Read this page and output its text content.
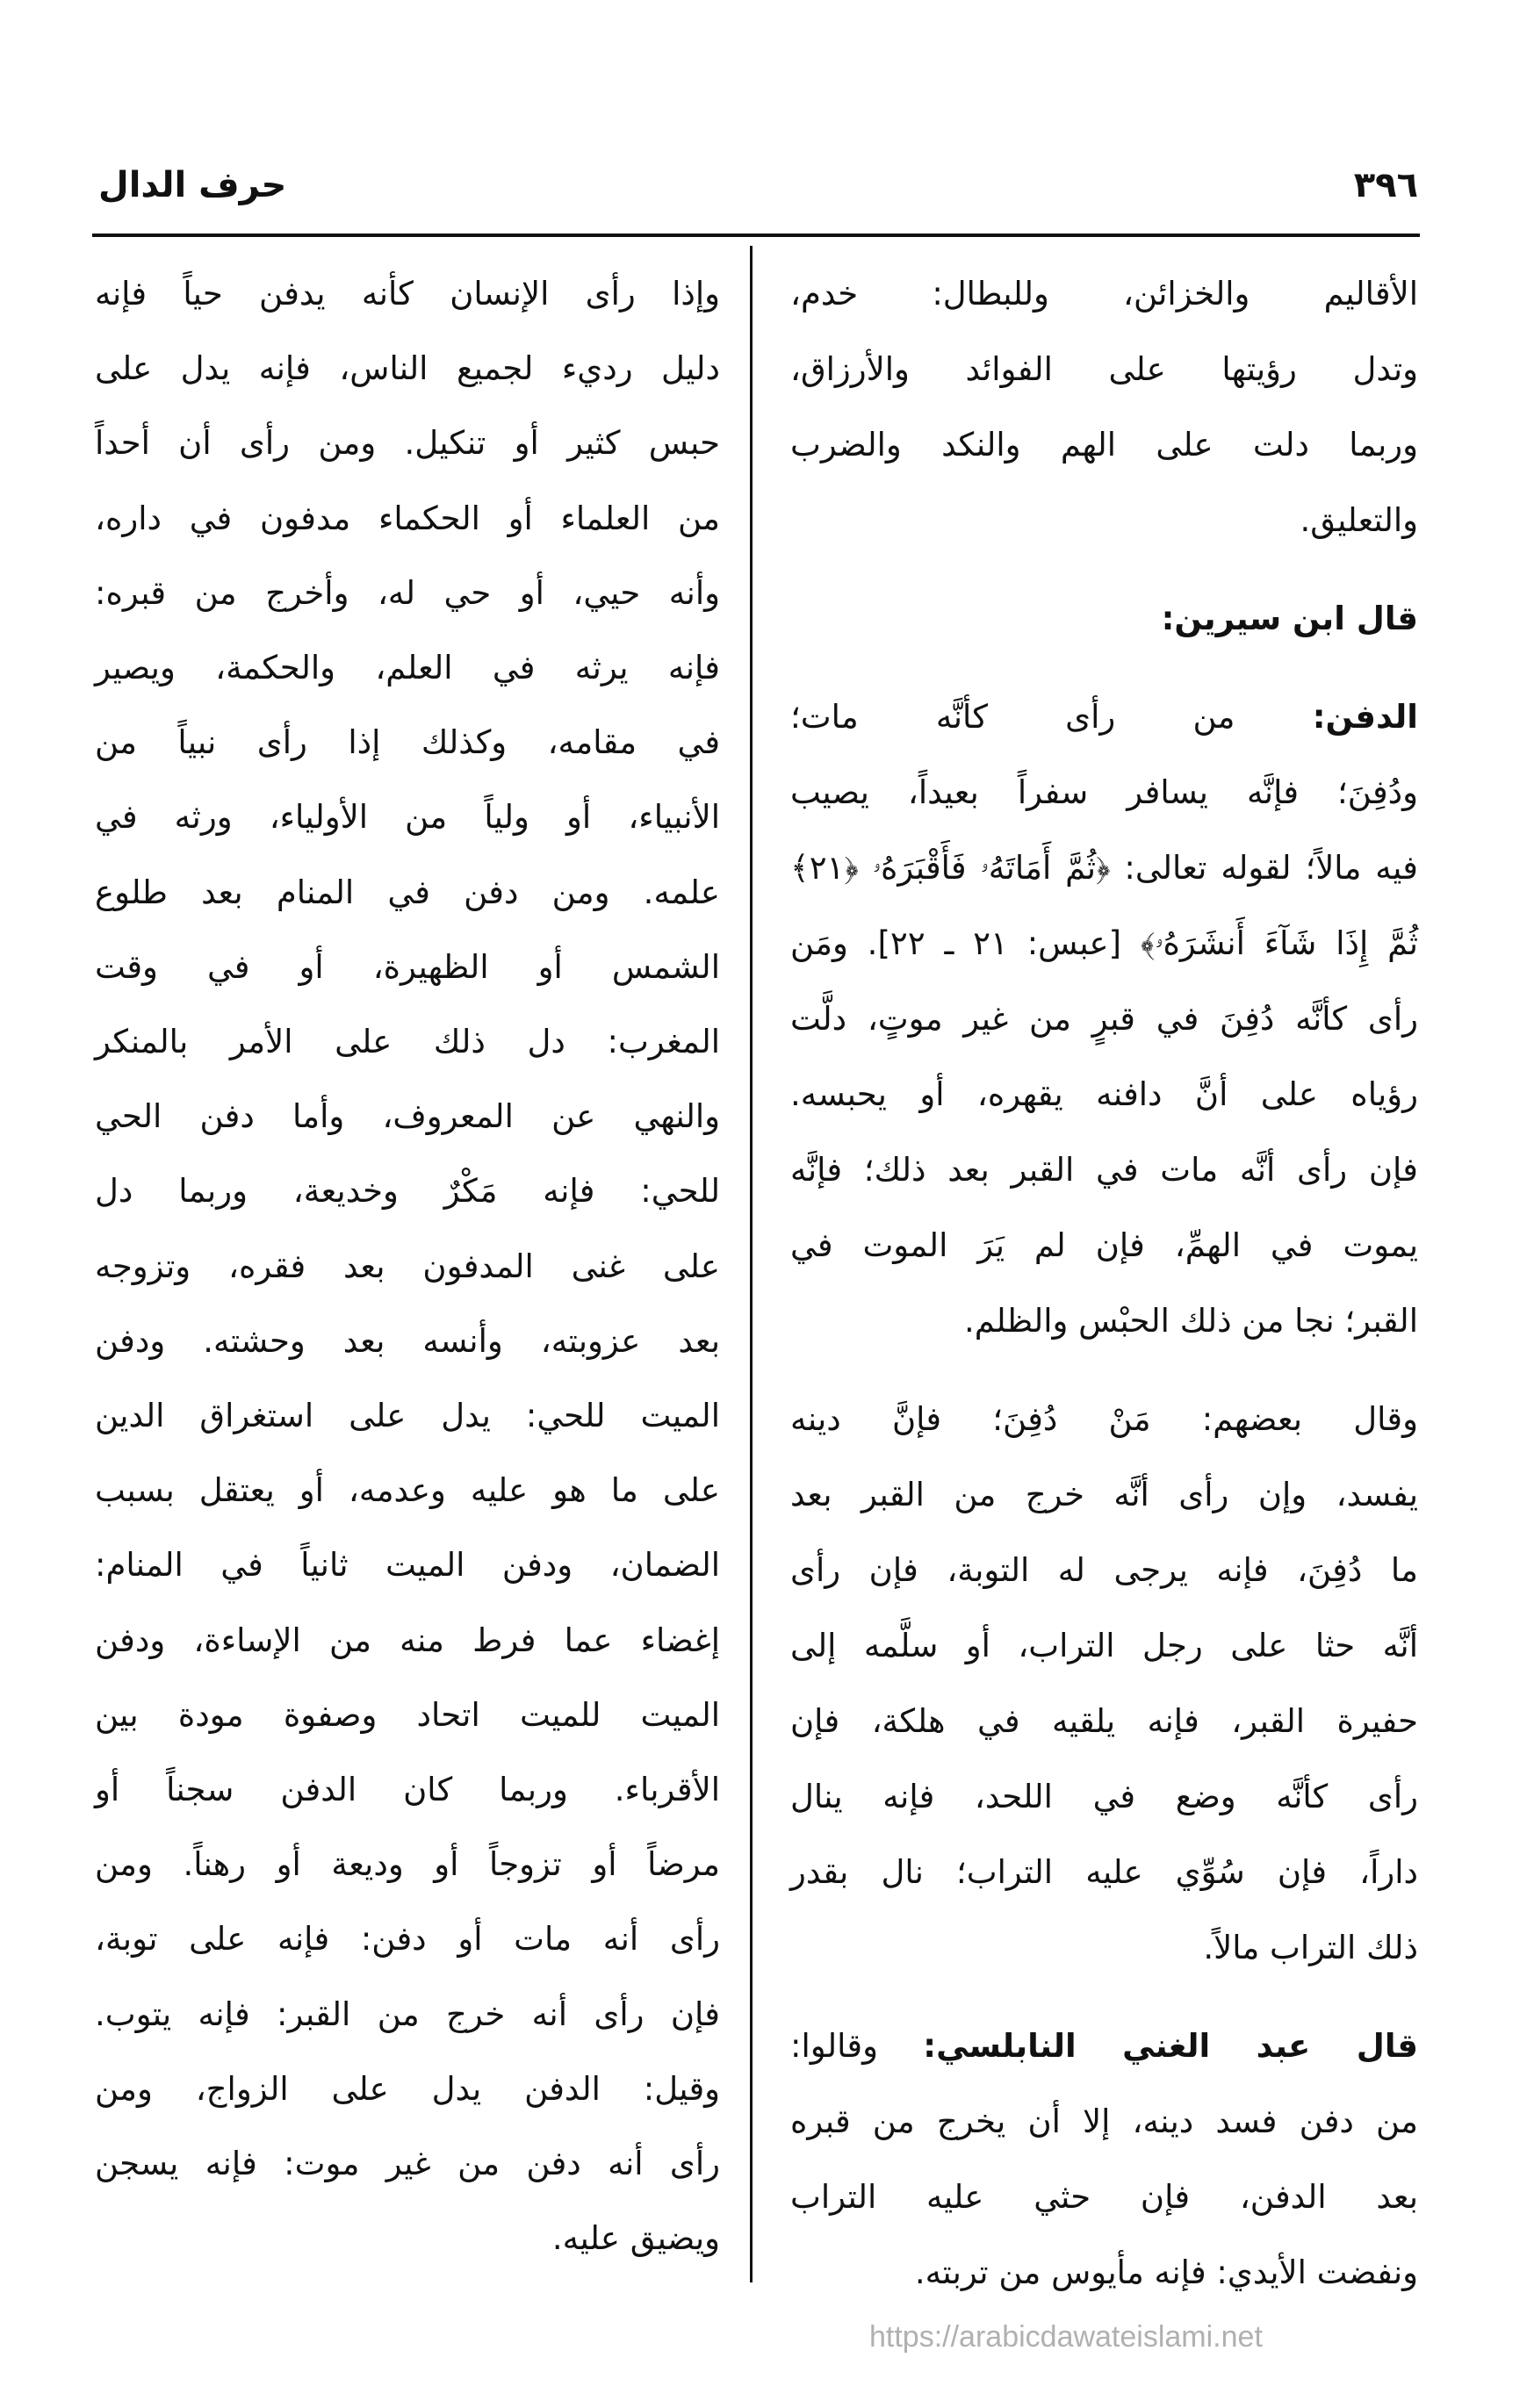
٣٩٦
حرف الدال
الأقاليم والخزائن، وللبطال: خدم،
وتدل رؤيتها على الفوائد والأرزاق،
وربما دلت على الهم والنكد والضرب
والتعليق.
قال ابن سيرين:
الدفن: من رأى كأنَّه مات؛
ودُفِنَ؛ فإنَّه يسافر سفراً بعيداً، يصيب
فيه مالاً؛ لقوله تعالى: ﴿ثُمَّ أَمَاتَهُۥ فَأَقْبَرَهُۥ ﴿٢١﴾
ثُمَّ إِذَا شَآءَ أَنشَرَهُۥ﴾ [عبس: ٢١ ـ ٢٢]. ومَن
رأى كأنَّه دُفِنَ في قبرٍ من غير موتٍ، دلَّت
رؤياه على أنَّ دافنه يقهره، أو يحبسه.
فإن رأى أنَّه مات في القبر بعد ذلك؛ فإنَّه
يموت في الهمِّ، فإن لم يَرَ الموت في
القبر؛ نجا من ذلك الحبْس والظلم.
وقال بعضهم: مَنْ دُفِنَ؛ فإنَّ دينه
يفسد، وإن رأى أنَّه خرج من القبر بعد
ما دُفِنَ، فإنه يرجى له التوبة، فإن رأى
أنَّه حثا على رجل التراب، أو سلَّمه إلى
حفيرة القبر، فإنه يلقيه في هلكة، فإن
رأى كأنَّه وضع في اللحد، فإنه ينال
داراً، فإن سُوِّي عليه التراب؛ نال بقدر
ذلك التراب مالاً.
قال عبد الغني النابلسي: وقالوا:
من دفن فسد دينه، إلا أن يخرج من قبره
بعد الدفن، فإن حثي عليه التراب
ونفضت الأيدي: فإنه مأيوس من تربته.
وإذا رأى الإنسان كأنه يدفن حياً فإنه
دليل رديء لجميع الناس، فإنه يدل على
حبس كثير أو تنكيل. ومن رأى أن أحداً
من العلماء أو الحكماء مدفون في داره،
وأنه حيي، أو حي له، وأخرج من قبره:
فإنه يرثه في العلم، والحكمة، ويصير
في مقامه، وكذلك إذا رأى نبياً من
الأنبياء، أو ولياً من الأولياء، ورثه في
علمه. ومن دفن في المنام بعد طلوع
الشمس أو الظهيرة، أو في وقت
المغرب: دل ذلك على الأمر بالمنكر
والنهي عن المعروف، وأما دفن الحي
للحي: فإنه مَكْرٌ وخديعة، وربما دل
على غنى المدفون بعد فقره، وتزوجه
بعد عزوبته، وأنسه بعد وحشته. ودفن
الميت للحي: يدل على استغراق الدين
على ما هو عليه وعدمه، أو يعتقل بسبب
الضمان، ودفن الميت ثانياً في المنام:
إغضاء عما فرط منه من الإساءة، ودفن
الميت للميت اتحاد وصفوة مودة بين
الأقرباء. وربما كان الدفن سجناً أو
مرضاً أو تزوجاً أو وديعة أو رهناً. ومن
رأى أنه مات أو دفن: فإنه على توبة،
فإن رأى أنه خرج من القبر: فإنه يتوب.
وقيل: الدفن يدل على الزواج، ومن
رأى أنه دفن من غير موت: فإنه يسجن
ويضيق عليه.
https://arabicdawateislami.net
